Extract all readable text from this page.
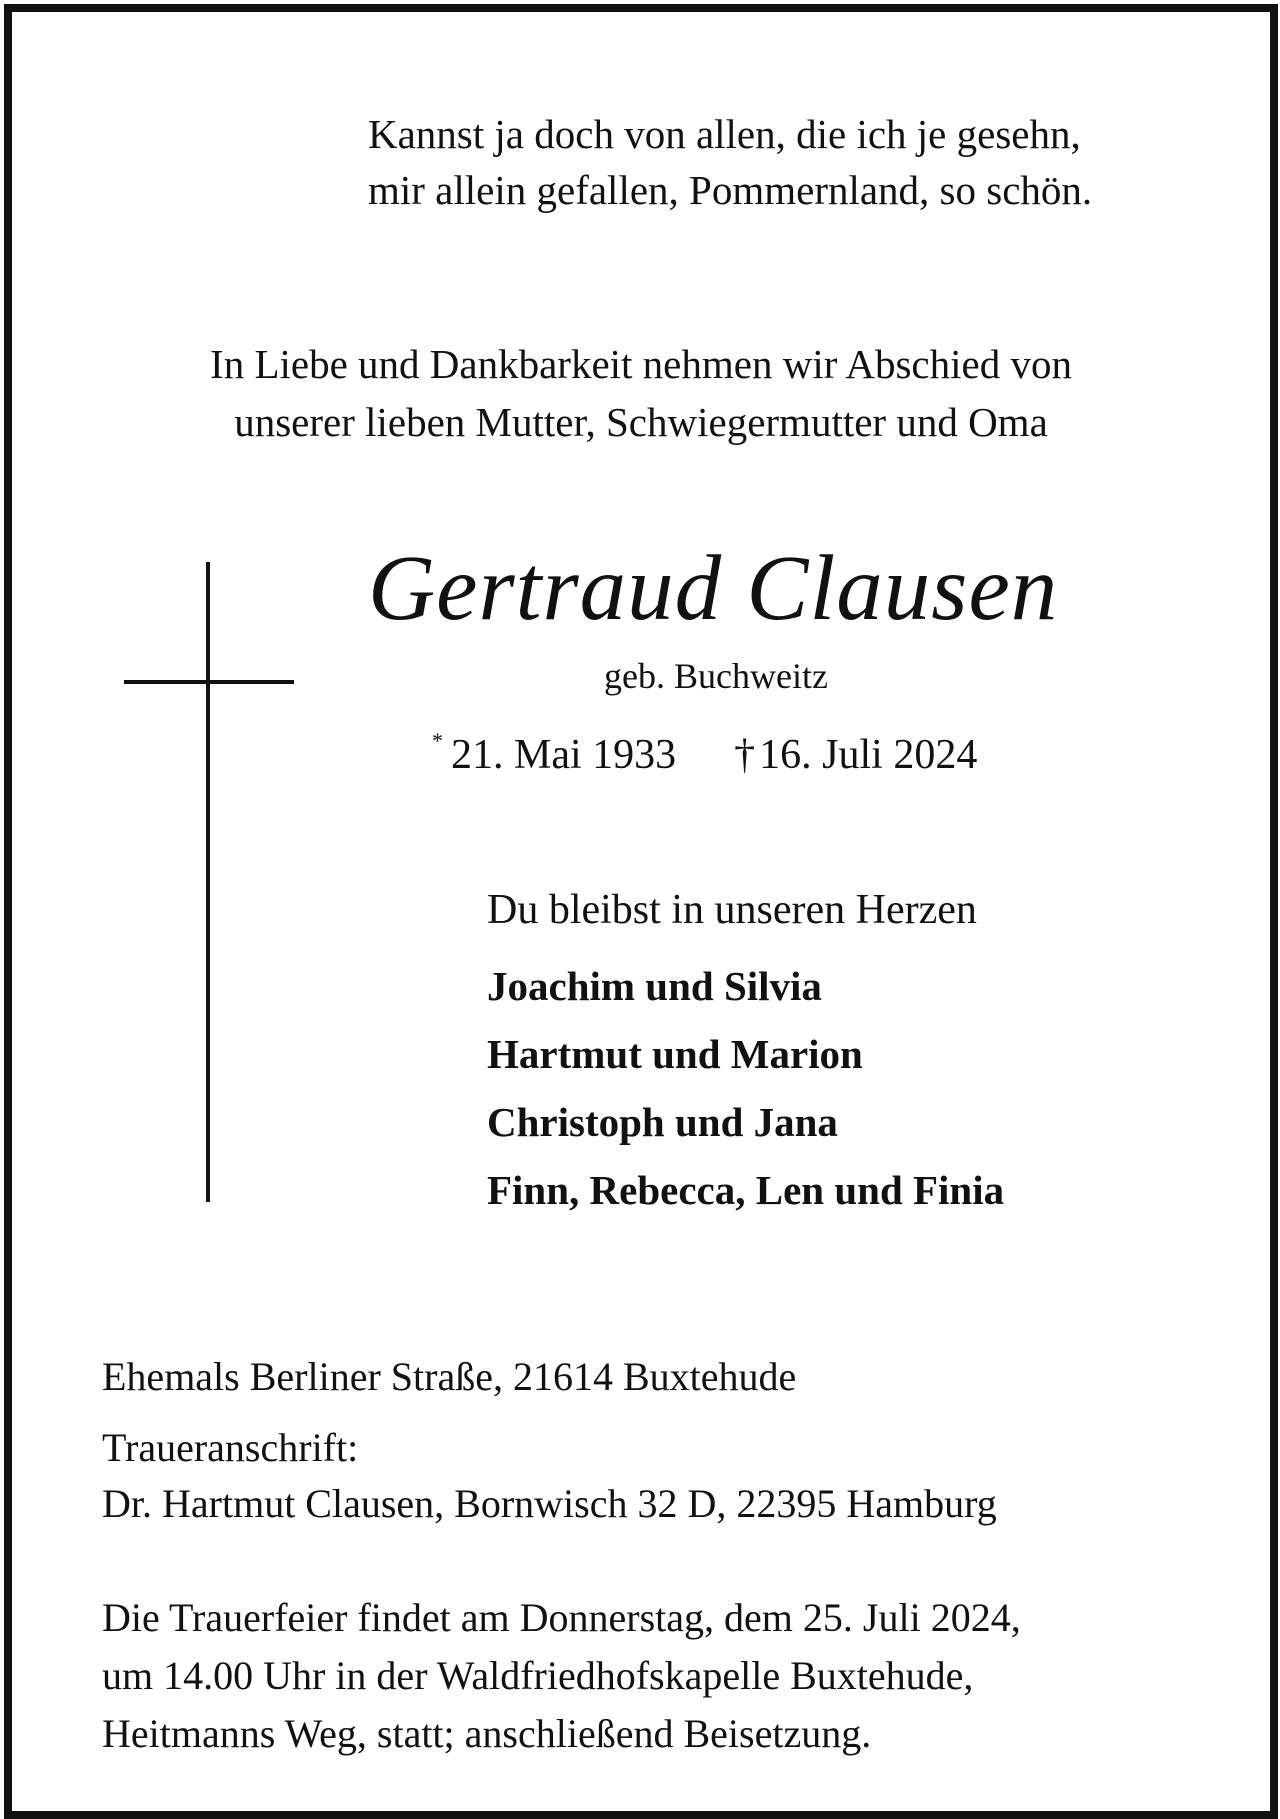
Kannst ja doch von allen, die ich je gesehn,
mir allein gefallen, Pommernland, so schön.
In Liebe und Dankbarkeit nehmen wir Abschied von
unserer lieben Mutter, Schwiegermutter und Oma
Gertraud Clausen
geb. Buchweitz
* 21. Mai 1933 †16. Juli 2024
Du bleibst in unseren Herzen
Joachim und Silvia
Hartmut und Marion
Christoph und Jana
Finn, Rebecca, Len und Finia
Ehemals Berliner Straße, 21614 Buxtehude
Traueranschrift:
Dr. Hartmut Clausen, Bornwisch 32 D, 22395 Hamburg
Die Trauerfeier findet am Donnerstag, dem 25. Juli 2024,
um 14.00 Uhr in der Waldfriedhofskapelle Buxtehude,
Heitmanns Weg, statt; anschließend Beisetzung.
